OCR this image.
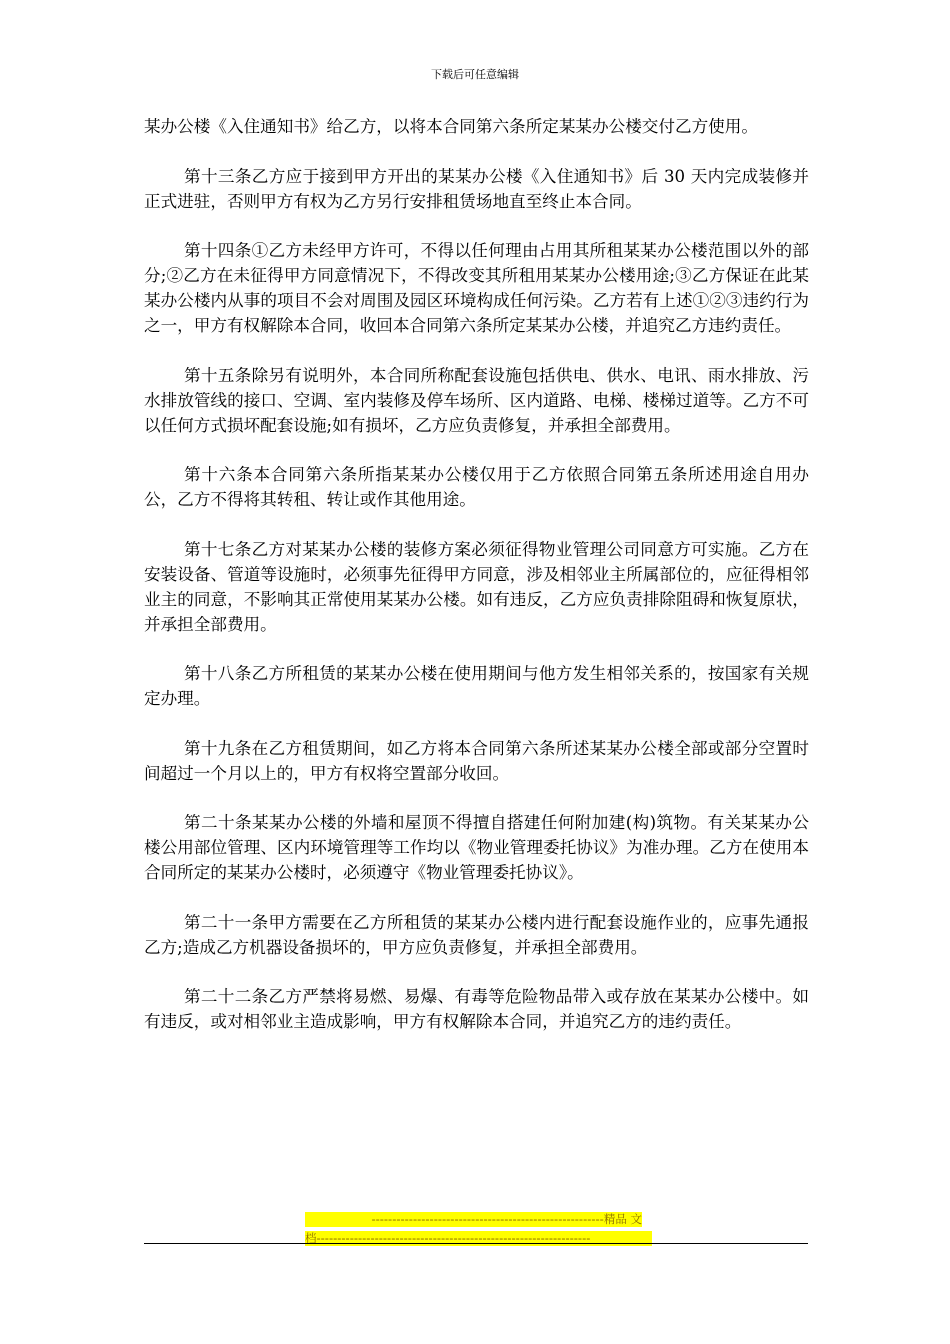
下载后可任意编辑

某办公楼《入住通知书》给乙方，以将本合同第六条所定某某办公楼交付乙方使用。

第十三条乙方应于接到甲方开出的某某办公楼《入住通知书》后 30 天内完成装修并正式进驻，否则甲方有权为乙方另行安排租赁场地直至终止本合同。

第十四条①乙方未经甲方许可，不得以任何理由占用其所租某某办公楼范围以外的部分;②乙方在未征得甲方同意情况下，不得改变其所租用某某办公楼用途;③乙方保证在此某某办公楼内从事的项目不会对周围及园区环境构成任何污染。乙方若有上述①②③违约行为之一，甲方有权解除本合同，收回本合同第六条所定某某办公楼，并追究乙方违约责任。

第十五条除另有说明外，本合同所称配套设施包括供电、供水、电讯、雨水排放、污水排放管线的接口、空调、室内装修及停车场所、区内道路、电梯、楼梯过道等。乙方不可以任何方式损坏配套设施;如有损坏，乙方应负责修复，并承担全部费用。

第十六条本合同第六条所指某某办公楼仅用于乙方依照合同第五条所述用途自用办公，乙方不得将其转租、转让或作其他用途。

第十七条乙方对某某办公楼的装修方案必须征得物业管理公司同意方可实施。乙方在安装设备、管道等设施时，必须事先征得甲方同意，涉及相邻业主所属部位的，应征得相邻业主的同意，不影响其正常使用某某办公楼。如有违反，乙方应负责排除阻碍和恢复原状，并承担全部费用。

第十八条乙方所租赁的某某办公楼在使用期间与他方发生相邻关系的，按国家有关规定办理。

第十九条在乙方租赁期间，如乙方将本合同第六条所述某某办公楼全部或部分空置时间超过一个月以上的，甲方有权将空置部分收回。

第二十条某某办公楼的外墙和屋顶不得擅自搭建任何附加建(构)筑物。有关某某办公楼公用部位管理、区内环境管理等工作均以《物业管理委托协议》为准办理。乙方在使用本合同所定的某某办公楼时，必须遵守《物业管理委托协议》。

第二十一条甲方需要在乙方所租赁的某某办公楼内进行配套设施作业的，应事先通报乙方;造成乙方机器设备损坏的，甲方应负责修复，并承担全部费用。

第二十二条乙方严禁将易燃、易爆、有毒等危险物品带入或存放在某某办公楼中。如有违反，或对相邻业主造成影响，甲方有权解除本合同，并追究乙方的违约责任。

--------------------------------------------------------精品 文
档------------------------------------------------------------------
